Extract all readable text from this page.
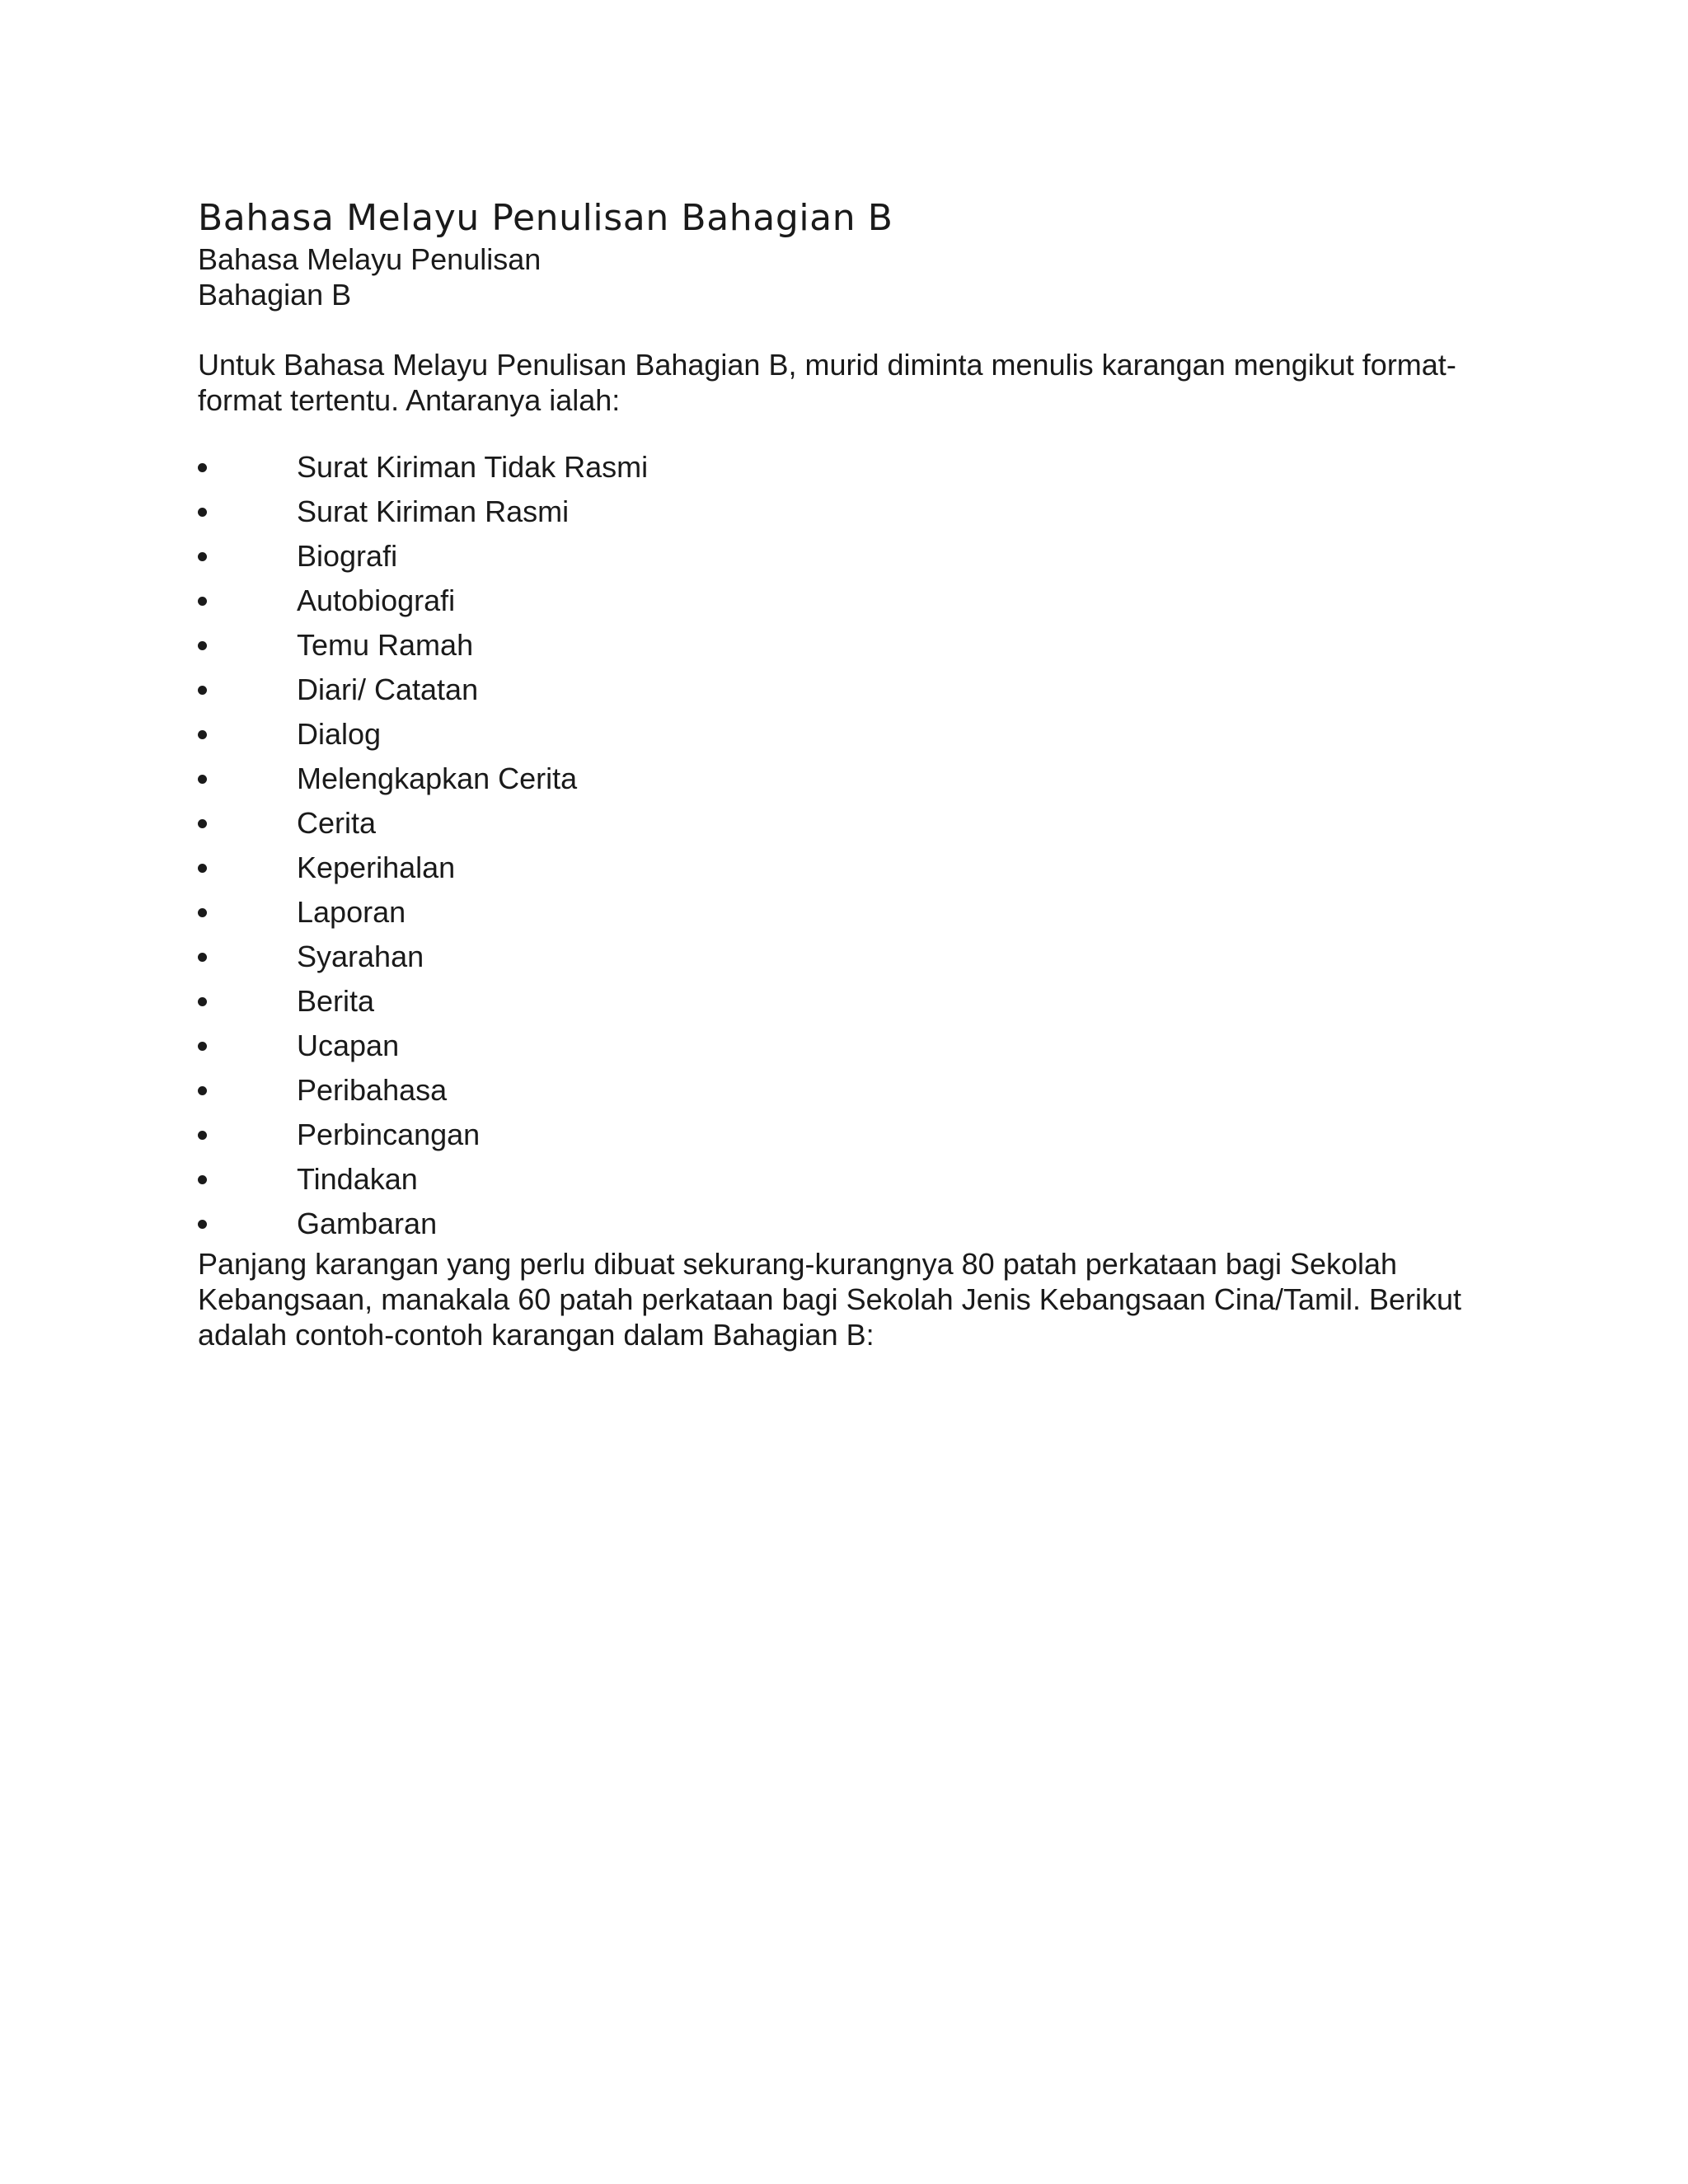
Bahasa Melayu Penulisan Bahagian B
Bahasa Melayu Penulisan
Bahagian B
Untuk Bahasa Melayu Penulisan Bahagian B, murid diminta menulis karangan mengikut format-
format tertentu. Antaranya ialah:
Surat Kiriman Tidak Rasmi
Surat Kiriman Rasmi
Biografi
Autobiografi
Temu Ramah
Diari/ Catatan
Dialog
Melengkapkan Cerita
Cerita
Keperihalan
Laporan
Syarahan
Berita
Ucapan
Peribahasa
Perbincangan
Tindakan
Gambaran
Panjang karangan yang perlu dibuat sekurang-kurangnya 80 patah perkataan bagi Sekolah
Kebangsaan, manakala 60 patah perkataan bagi Sekolah Jenis Kebangsaan Cina/Tamil. Berikut
adalah contoh-contoh karangan dalam Bahagian B:
